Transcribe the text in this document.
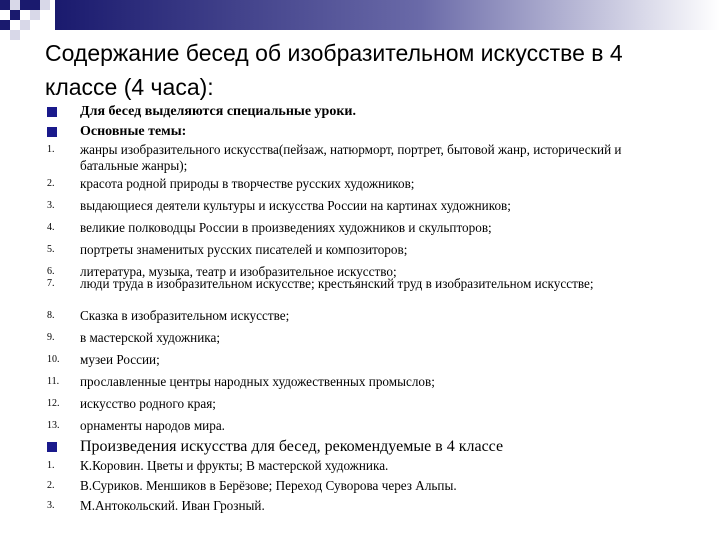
Содержание бесед об изобразительном искусстве в 4 классе (4 часа):
Для бесед выделяются специальные уроки.
Основные темы:
1. жанры изобразительного искусства(пейзаж, натюрморт, портрет, бытовой жанр, исторический и батальные жанры);
2. красота родной природы в творчестве русских художников;
3. выдающиеся деятели культуры и искусства России на картинах художников;
4. великие полководцы России в произведениях художников и скульпторов;
5. портреты знаменитых русских писателей и композиторов;
6. литература, музыка, театр и изобразительное искусство;
7. люди труда в изобразительном искусстве; крестьянский труд в изобразительном искусстве;
8. Сказка в изобразительном искусстве;
9. в мастерской художника;
10. музеи России;
11. прославленные центры народных художественных промыслов;
12. искусство родного края;
13. орнаменты народов мира.
Произведения искусства для бесед, рекомендуемые в 4 классе
1. К.Коровин. Цветы и фрукты; В мастерской художника.
2. В.Суриков. Меншиков в Берёзове; Переход Суворова через Альпы.
3. М.Антокольский. Иван Грозный.
